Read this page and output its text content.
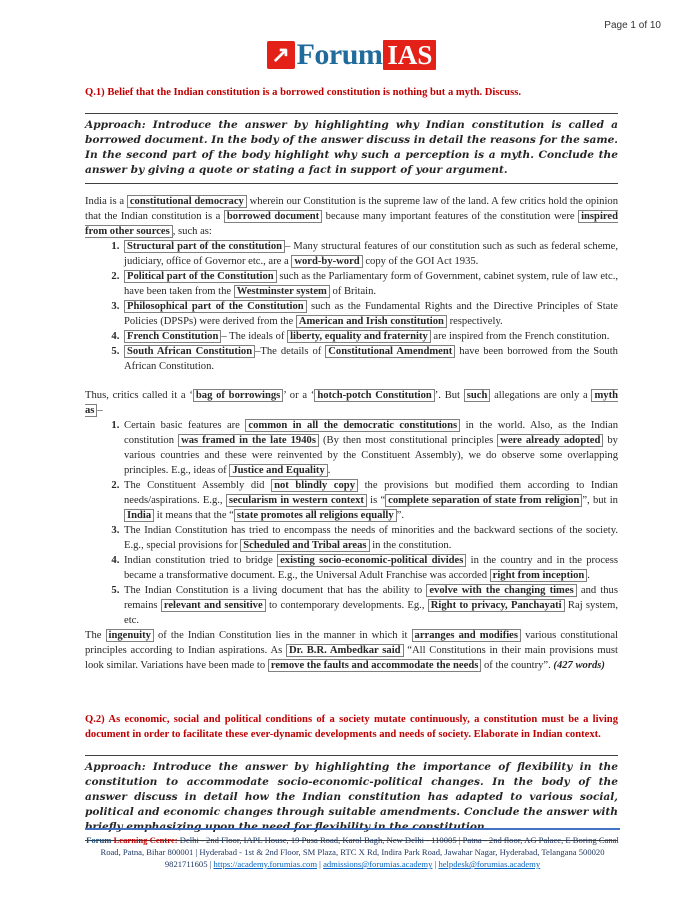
Page 1 of 10
↗ Forum IAS
Q.1) Belief that the Indian constitution is a borrowed constitution is nothing but a myth. Discuss.
Approach: Introduce the answer by highlighting why Indian constitution is called a borrowed document. In the body of the answer discuss in detail the reasons for the same. In the second part of the body highlight why such a perception is a myth. Conclude the answer by giving a quote or stating a fact in support of your argument.
India is a constitutional democracy wherein our Constitution is the supreme law of the land. A few critics hold the opinion that the Indian constitution is a borrowed document because many important features of the constitution were inspired from other sources , such as:
1. Structural part of the constitution – Many structural features of our constitution such as such as federal scheme, judiciary, office of Governor etc., are a word-by-word copy of the GOI Act 1935.
2. Political part of the Constitution such as the Parliamentary form of Government, cabinet system, rule of law etc., have been taken from the Westminster system of Britain.
3. Philosophical part of the Constitution such as the Fundamental Rights and the Directive Principles of State Policies (DPSPs) were derived from the American and Irish constitution respectively.
4. French Constitution – The ideals of liberty, equality and fraternity are inspired from the French constitution.
5. South African Constitution –The details of Constitutional Amendment have been borrowed from the South African Constitution.
Thus, critics called it a ‘ bag of borrowings ’ or a ‘ hotch-potch Constitution ’. But such allegations are only a myth as –
1. Certain basic features are common in all the democratic constitutions in the world. Also, as the Indian constitution was framed in the late 1940s (By then most constitutional principles were already adopted by various countries and these were reinvented by the Constituent Assembly), we do observe some overlapping principles. E.g., ideas of Justice and Equality .
2. The Constituent Assembly did not blindly copy the provisions but modified them according to Indian needs/aspirations. E.g., secularism in western context is “ complete separation of state from religion ”, but in India it means that the “ state promotes all religions equally ”.
3. The Indian Constitution has tried to encompass the needs of minorities and the backward sections of the society. E.g., special provisions for Scheduled and Tribal areas in the constitution.
4. Indian constitution tried to bridge existing socio-economic-political divides in the country and in the process became a transformative document. E.g., the Universal Adult Franchise was accorded right from inception .
5. The Indian Constitution is a living document that has the ability to evolve with the changing times and thus remains relevant and sensitive to contemporary developments. Eg., Right to privacy, Panchayati Raj system, etc.
The ingenuity of the Indian Constitution lies in the manner in which it arranges and modifies various constitutional principles according to Indian aspirations. As Dr. B.R. Ambedkar said “All Constitutions in their main provisions must look similar. Variations have been made to remove the faults and accommodate the needs of the country”. (427 words)
Q.2) As economic, social and political conditions of a society mutate continuously, a constitution must be a living document in order to facilitate these ever-dynamic developments and needs of society. Elaborate in Indian context.
Approach: Introduce the answer by highlighting the importance of flexibility in the constitution to accommodate socio-economic-political changes. In the body of the answer discuss in detail how the Indian constitution has adapted to various social, political and economic changes through suitable amendments. Conclude the answer with briefly emphasizing upon the need for flexibility in the constitution.
Forum Learning Centre: Delhi - 2nd Floor, IAPL House, 19 Pusa Road, Karol Bagh, New Delhi - 110005 | Patna - 2nd floor, AG Palace, E Boring Canal Road, Patna, Bihar 800001 | Hyderabad - 1st & 2nd Floor, SM Plaza, RTC X Rd, Indira Park Road, Jawahar Nagar, Hyderabad, Telangana 500020
9821711605 | https://academy.forumias.com | admissions@forumias.academy | helpdesk@forumias.academy
